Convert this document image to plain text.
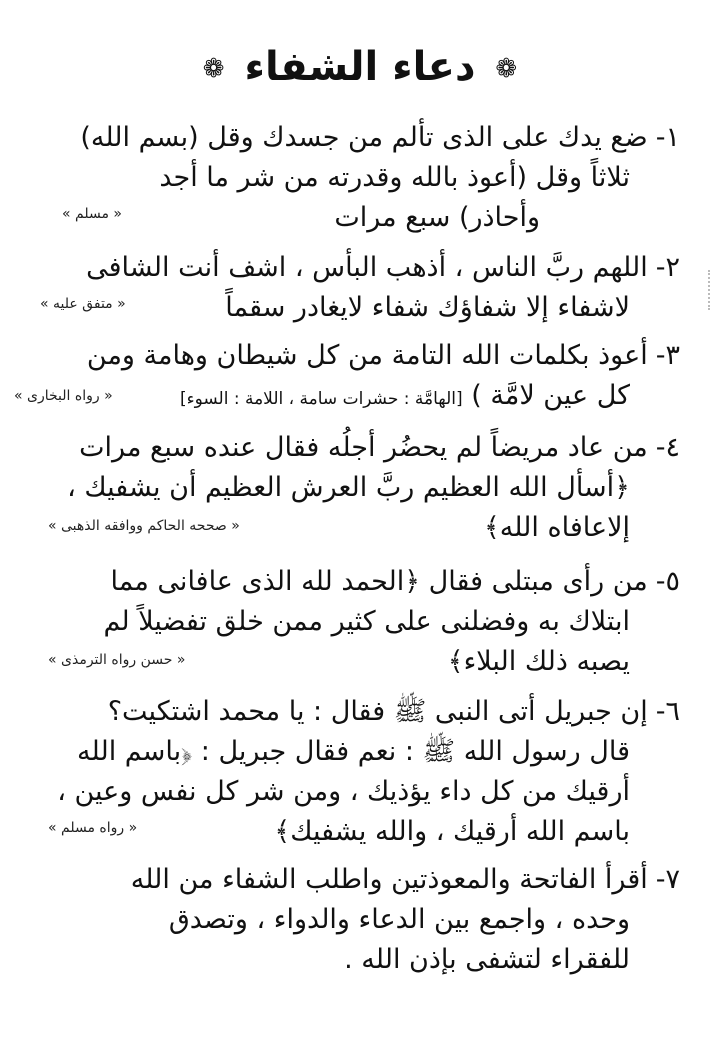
❁ دعاء الشفاء ❁
١-ضع يدك على الذى تألم من جسدك وقل (بسم الله)
ثلاثاً وقل (أعوذ بالله وقدرته من شر ما أجد
وأحاذر) سبع مرات
« مسلم »
٢-اللهم ربَّ الناس ، أذهب البأس ، اشف أنت الشافى
لاشفاء إلا شفاؤك شفاء لايغادر سقماً
« متفق عليه »
٣-أعوذ بكلمات الله التامة من كل شيطان وهامة ومن
كل عين لامَّة ) [الهامَّة : حشرات سامة ، اللامة : السوء]
« رواه البخارى »
٤-من عاد مريضاً لم يحضُر أجلُه فقال عنده سبع مرات
﴿أسأل الله العظيم ربَّ العرش العظيم أن يشفيك ،
إلاعافاه الله﴾
« صححه الحاكم ووافقه الذهبى »
٥-من رأى مبتلى فقال ﴿الحمد لله الذى عافانى مما
ابتلاك به وفضلنى على كثير ممن خلق تفضيلاً لم
يصبه ذلك البلاء﴾
« حسن رواه الترمذى »
٦-إن جبريل أتى النبى ﷺ فقال : يا محمد اشتكيت؟
قال رسول الله ﷺ : نعم فقال جبريل : ﴿باسم الله
أرقيك من كل داء يؤذيك ، ومن شر كل نفس وعين ،
باسم الله أرقيك ، والله يشفيك﴾
« رواه مسلم »
٧-أقرأ الفاتحة والمعوذتين واطلب الشفاء من الله
وحده ، واجمع بين الدعاء والدواء ، وتصدق
للفقراء لتشفى بإذن الله .
